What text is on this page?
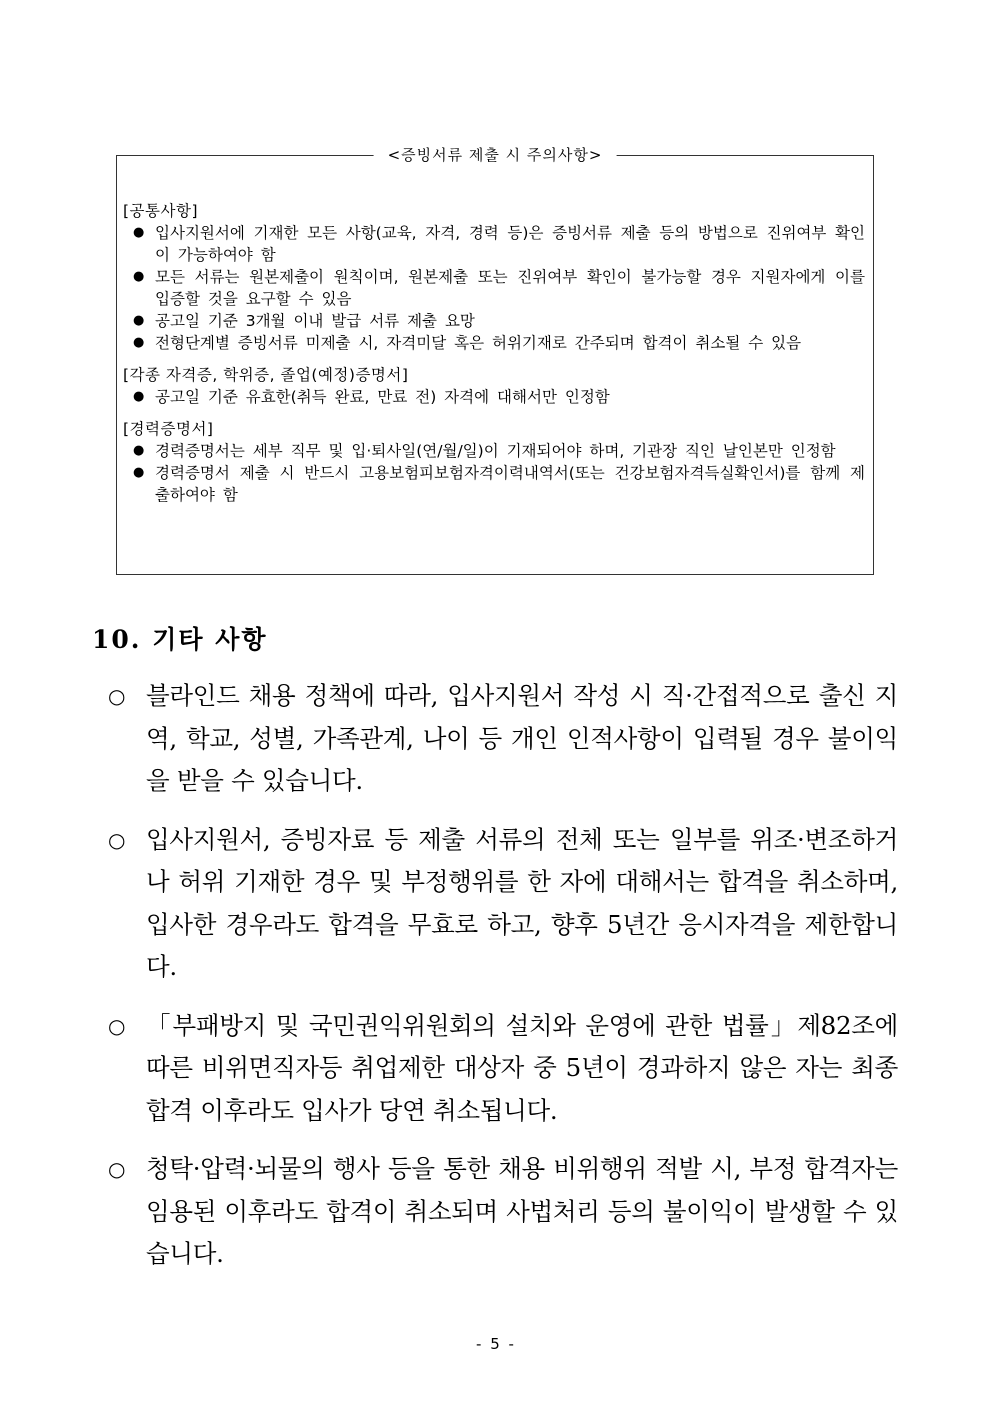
<증빙서류 제출 시 주의사항>
[공통사항]
● 입사지원서에 기재한 모든 사항(교육, 자격, 경력 등)은 증빙서류 제출 등의 방법으로 진위여부 확인이 가능하여야 함
● 모든 서류는 원본제출이 원칙이며, 원본제출 또는 진위여부 확인이 불가능할 경우 지원자에게 이를 입증할 것을 요구할 수 있음
● 공고일 기준 3개월 이내 발급 서류 제출 요망
● 전형단계별 증빙서류 미제출 시, 자격미달 혹은 허위기재로 간주되며 합격이 취소될 수 있음
[각종 자격증, 학위증, 졸업(예정)증명서]
● 공고일 기준 유효한(취득 완료, 만료 전) 자격에 대해서만 인정함
[경력증명서]
● 경력증명서는 세부 직무 및 입·퇴사일(연/월/일)이 기재되어야 하며, 기관장 직인 날인본만 인정함
● 경력증명서 제출 시 반드시 고용보험피보험자격이력내역서(또는 건강보험자격득실확인서)를 함께 제출하여야 함
10. 기타 사항
○ 블라인드 채용 정책에 따라, 입사지원서 작성 시 직·간접적으로 출신 지역, 학교, 성별, 가족관계, 나이 등 개인 인적사항이 입력될 경우 불이익을 받을 수 있습니다.
○ 입사지원서, 증빙자료 등 제출 서류의 전체 또는 일부를 위조·변조하거나 허위 기재한 경우 및 부정행위를 한 자에 대해서는 합격을 취소하며, 입사한 경우라도 합격을 무효로 하고, 향후 5년간 응시자격을 제한합니다.
○ 「부패방지 및 국민권익위원회의 설치와 운영에 관한 법률」제82조에 따른 비위면직자등 취업제한 대상자 중 5년이 경과하지 않은 자는 최종 합격 이후라도 입사가 당연 취소됩니다.
○ 청탁·압력·뇌물의 행사 등을 통한 채용 비위행위 적발 시, 부정 합격자는 임용된 이후라도 합격이 취소되며 사법처리 등의 불이익이 발생할 수 있습니다.
- 5 -
